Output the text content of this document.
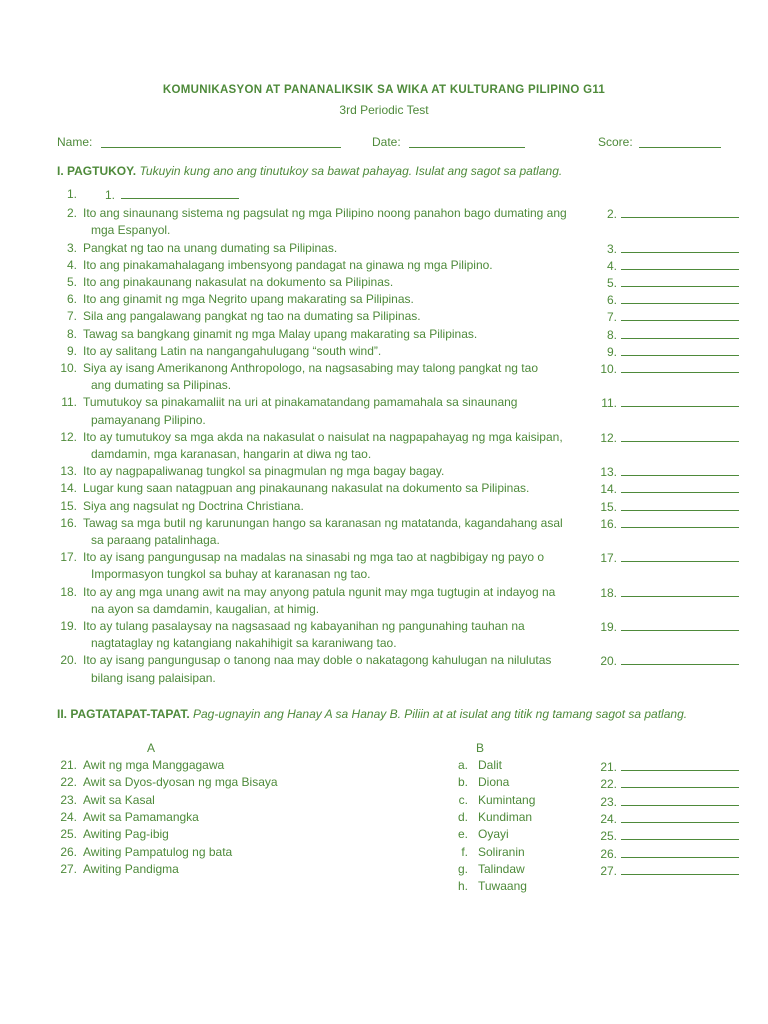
KOMUNIKASYON AT PANANALIKSIK SA WIKA AT KULTURANG PILIPINO G11
3rd Periodic Test
Name:	Date:	Score:
I. PAGTUKOY. Tukuyin kung ano ang tinutukoy sa bawat pahayag. Isulat ang sagot sa patlang.
1.	1.
2. Ito ang sinaunang sistema ng pagsulat ng mga Pilipino noong panahon bago dumating ang
mga Espanyol.
2.
3. Pangkat ng tao na unang dumating sa Pilipinas.	3.
4. Ito ang pinakamahalagang imbensyong pandagat na ginawa ng mga Pilipino.	4.
5. Ito ang pinakaunang nakasulat na dokumento sa Pilipinas.	5.
6. Ito ang ginamit ng mga Negrito upang makarating sa Pilipinas.	6.
7. Sila ang pangalawang pangkat ng tao na dumating sa Pilipinas.	7.
8. Tawag sa bangkang ginamit ng mga Malay upang makarating sa Pilipinas.	8.
9. Ito ay salitang Latin na nangangahulugang “south wind”.	9.
10. Siya ay isang Amerikanong Anthropologo, na nagsasabing may talong pangkat ng tao
ang dumating sa Pilipinas.
10.
11. Tumutukoy sa pinakamaliit na uri at pinakamatandang pamamahala sa sinaunang
pamayanang Pilipino.
11.
12. Ito ay tumutukoy sa mga akda na nakasulat o naisulat na nagpapahayag ng mga kaisipan,
damdamin, mga karanasan, hangarin at diwa ng tao.
12.
13. Ito ay nagpapaliwanag tungkol sa pinagmulan ng mga bagay bagay.	13.
14. Lugar kung saan natagpuan ang pinakaunang nakasulat na dokumento sa Pilipinas.	14.
15. Siya ang nagsulat ng Doctrina Christiana.	15.
16. Tawag sa mga butil ng karunungan hango sa karanasan ng matatanda, kagandahang asal
sa paraang patalinhaga.
16.
17. Ito ay isang pangungusap na madalas na sinasabi ng mga tao at nagbibigay ng payo o
Impormasyon tungkol sa buhay at karanasan ng tao.
17.
18. Ito ay ang mga unang awit na may anyong patula ngunit may mga tugtugin at indayog na
na ayon sa damdamin, kaugalian, at himig.
18.
19. Ito ay tulang pasalaysay na nagsasaad ng kabayanihan ng pangunahing tauhan na
nagtataglay ng katangiang nakahihigit sa karaniwang tao.
19.
20. Ito ay isang pangungusap o tanong naa may doble o nakatagong kahulugan na nilulutas
bilang isang palaisipan.
20.
II. PAGTATAPAT-TAPAT. Pag-ugnayin ang Hanay A sa Hanay B. Piliin at at isulat ang titik ng tamang sagot sa patlang.
A	B
21. Awit ng mga Manggagawa	a. Dalit	21.
22. Awit sa Dyos-dyosan ng mga Bisaya	b. Diona	22.
23. Awit sa Kasal	c. Kumintang	23.
24. Awit sa Pamamangka	d. Kundiman	24.
25. Awiting Pag-ibig	e. Oyayi	25.
26. Awiting Pampatulog ng bata	f. Soliranin	26.
27. Awiting Pandigma	g. Talindaw	27.
h. Tuwaang
